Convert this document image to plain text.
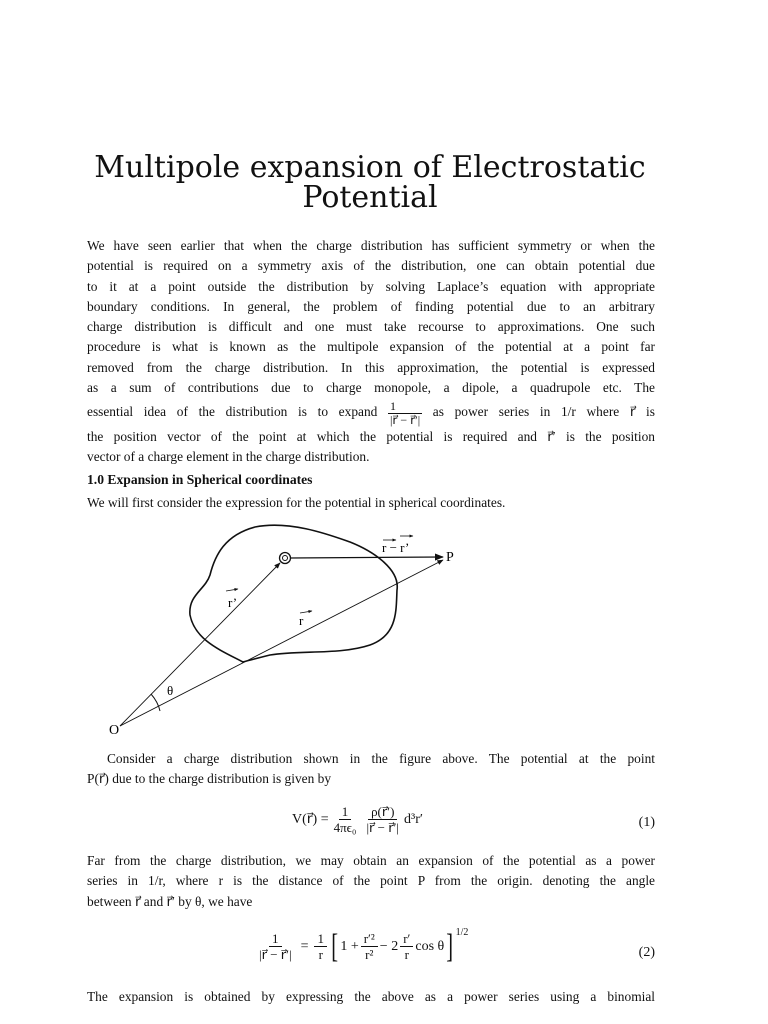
Multipole expansion of Electrostatic
Potential
We have seen earlier that when the charge distribution has sufficient symmetry or when the
potential is required on a symmetry axis of the distribution, one can obtain potential due
to it at a point outside the distribution by solving Laplace’s equation with appropriate
boundary conditions. In general, the problem of finding potential due to an arbitrary
charge distribution is difficult and one must take recourse to approximations. One such
procedure is what is known as the multipole expansion of the potential at a point far
removed from the charge distribution. In this approximation, the potential is expressed
as a sum of contributions due to charge monopole, a dipole, a quadrupole etc. The
essential idea of the distribution is to expand $\frac{1}{|r⃗ - r⃗'|}$ as power series in 1/r where r⃗ is
the position vector of the point at which the potential is required and r⃗′ is the position
vector of a charge element in the charge distribution.
1.0 Expansion in Spherical coordinates

We will first consider the expression for the potential in spherical coordinates.

r − r’
P
r’
r
θ
O
Consider a charge distribution shown in the figure above. The potential at the point
P(r⃗) due to the charge distribution is given by
V(r⃗) = $\frac{1}{\text{4πϵ₀}} \frac{\rho(r⃗')}{|r⃗ - r⃗'|} d^3r'$	(1)
Far from the charge distribution, we may obtain an expansion of the potential as a power
series in 1/r, where r is the distance of the point P from the origin. denoting the angle
between r⃗ and r⃗′ by θ, we have
$\frac{1}{|r⃗ - r⃗'|} = \frac{1}{r}$ [ $1 + \frac{\text{r′²}}{\text{r²}} - 2 \frac{r'}{r}$ cos θ ]$^{1/2}$
(2)
The expansion is obtained by expressing the above as a power series using a binomial
